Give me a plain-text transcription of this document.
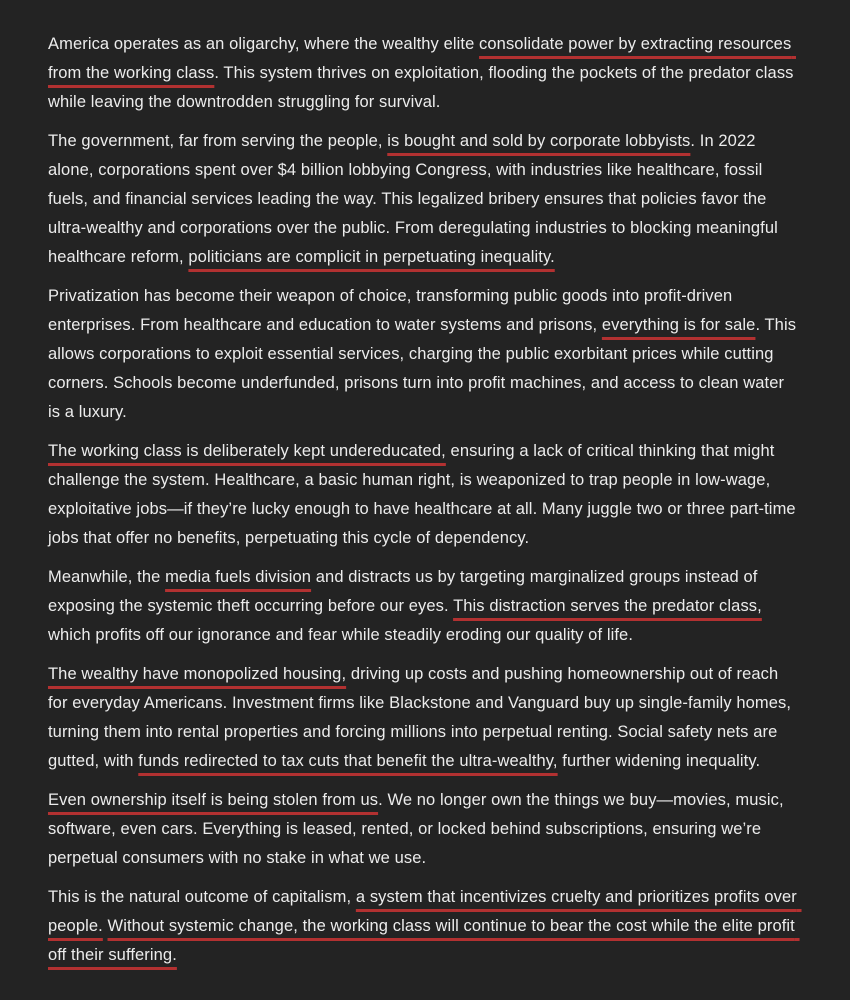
America operates as an oligarchy, where the wealthy elite consolidate power by extracting resources from the working class. This system thrives on exploitation, flooding the pockets of the predator class while leaving the downtrodden struggling for survival.

The government, far from serving the people, is bought and sold by corporate lobbyists. In 2022 alone, corporations spent over $4 billion lobbying Congress, with industries like healthcare, fossil fuels, and financial services leading the way. This legalized bribery ensures that policies favor the ultra-wealthy and corporations over the public. From deregulating industries to blocking meaningful healthcare reform, politicians are complicit in perpetuating inequality.

Privatization has become their weapon of choice, transforming public goods into profit-driven enterprises. From healthcare and education to water systems and prisons, everything is for sale. This allows corporations to exploit essential services, charging the public exorbitant prices while cutting corners. Schools become underfunded, prisons turn into profit machines, and access to clean water is a luxury.

The working class is deliberately kept undereducated, ensuring a lack of critical thinking that might challenge the system. Healthcare, a basic human right, is weaponized to trap people in low-wage, exploitative jobs—if they’re lucky enough to have healthcare at all. Many juggle two or three part-time jobs that offer no benefits, perpetuating this cycle of dependency.

Meanwhile, the media fuels division and distracts us by targeting marginalized groups instead of exposing the systemic theft occurring before our eyes. This distraction serves the predator class, which profits off our ignorance and fear while steadily eroding our quality of life.

The wealthy have monopolized housing, driving up costs and pushing homeownership out of reach for everyday Americans. Investment firms like Blackstone and Vanguard buy up single-family homes, turning them into rental properties and forcing millions into perpetual renting. Social safety nets are gutted, with funds redirected to tax cuts that benefit the ultra-wealthy, further widening inequality.

Even ownership itself is being stolen from us. We no longer own the things we buy—movies, music, software, even cars. Everything is leased, rented, or locked behind subscriptions, ensuring we’re perpetual consumers with no stake in what we use.

This is the natural outcome of capitalism, a system that incentivizes cruelty and prioritizes profits over people. Without systemic change, the working class will continue to bear the cost while the elite profit off their suffering.
